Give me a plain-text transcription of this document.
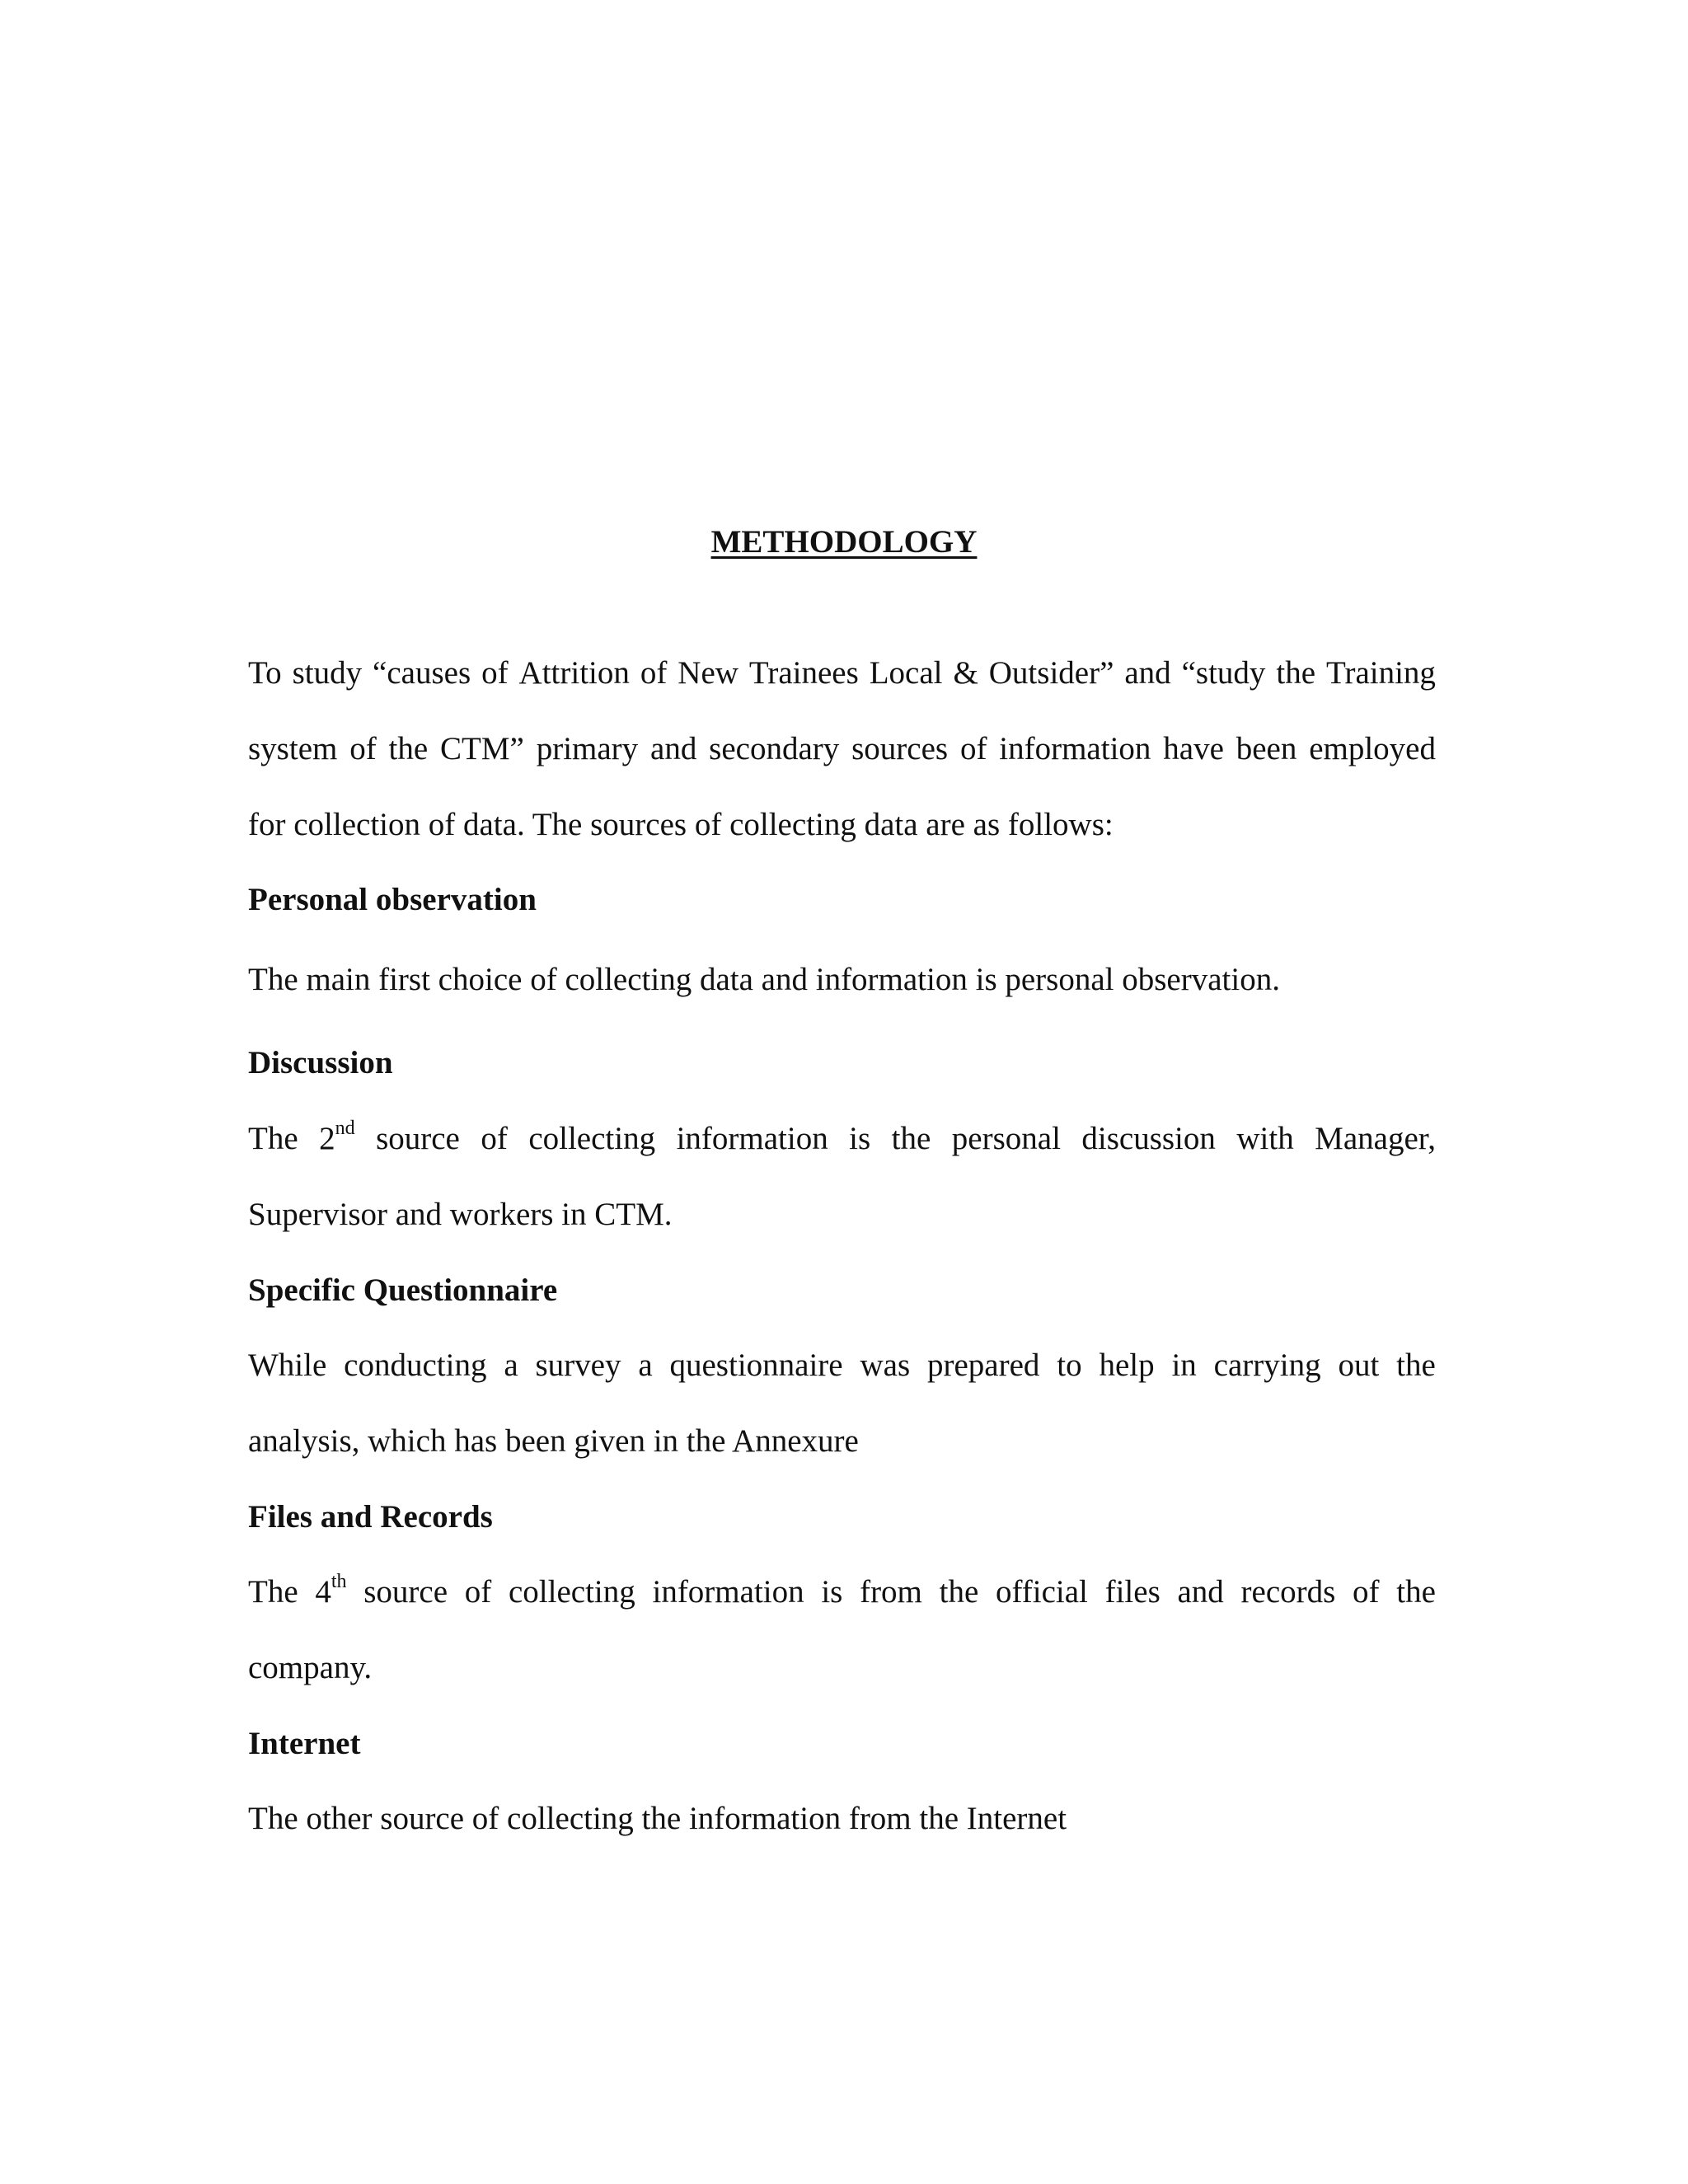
METHODOLOGY
To study “causes of Attrition of New Trainees Local & Outsider” and “study the Training
system of the CTM” primary and secondary sources of information have been employed
for collection of data. The sources of collecting data are as follows:
Personal observation
The main first choice of collecting data and information is personal observation.
Discussion
The 2nd source of collecting information is the personal discussion with Manager,
Supervisor and workers in CTM.
Specific Questionnaire
While conducting a survey a questionnaire was prepared to help in carrying out the
analysis, which has been given in the Annexure
Files and Records
The 4th source of collecting information is from the official files and records of the
company.
Internet
The other source of collecting the information from the Internet
